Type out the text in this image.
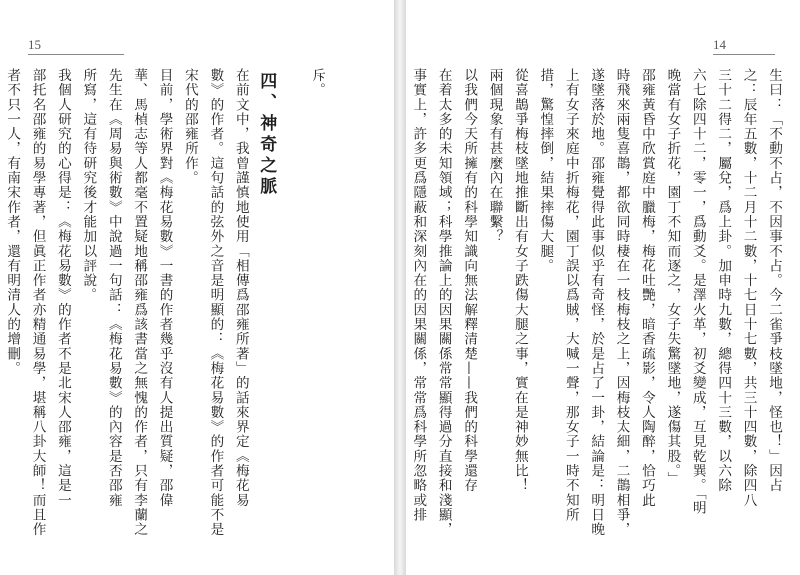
15

斥。

四、神奇之脈

在前文中，我曾謹慎地使用「相傳爲邵雍所著」的話來界定《梅花易

數》的作者。這句話的弦外之音是明顯的：《梅花易數》的作者可能不是

宋代的邵雍所作。

目前，學術界對《梅花易數》一書的作者幾乎沒有人提出質疑，邵偉

華、馬楨志等人都毫不置疑地稱邵雍爲該書當之無愧的作者，只有李蘭之

先生在《周易與術數》中說過一句話：《梅花易數》的內容是否邵雍

所寫，這有待研究後才能加以評說。

我個人研究的心得是：《梅花易數》的作者不是北宋人邵雍，這是一

部托名邵雍的易學專著，但眞正作者亦精通易學，堪稱八卦大師！而且作

者不只一人，有南宋作者，還有明清人的增刪。

14

生曰：「不動不占，不因事不占。今二雀爭枝墜地，怪也！」因占

之：辰年五數，十二月十二數，十七日十七數，共三十四數，除四八

三十二得二，屬兌，爲上卦。加申時九數，總得四十三數，以六除

六七除四十二，零一，爲動爻。是澤火革，初爻變成，互見乾巽。「明

晚當有女子折花，園丁不知而逐之，女子失驚墜地，遂傷其股。」

邵雍黃昏中欣賞庭中臘梅，梅花吐艷，暗香疏影，令人陶醉，恰巧此

時飛來兩隻喜鵲，都欲同時棲在一枝梅枝之上，因梅枝太細，二鵲相爭，

遂墜落於地。邵雍覺得此事似乎有奇怪，於是占了一卦，結論是：明日晚

上有女子來庭中折梅花，園丁誤以爲賊，大喊一聲，那女子一時不知所

措，驚惶摔倒，結果摔傷大腿。

從喜鵲爭梅枝墜地推斷出有女子跌傷大腿之事，實在是神妙無比！

兩個現象有甚麼內在聯繫？

以我們今天所擁有的科學知識向無法解釋清楚——我們的科學還存

在着太多的未知領域；科學推論上的因果關係常常顯得過分直接和淺顯，

事實上，許多更爲隱蔽和深刻內在的因果關係，常常爲科學所忽略或排
